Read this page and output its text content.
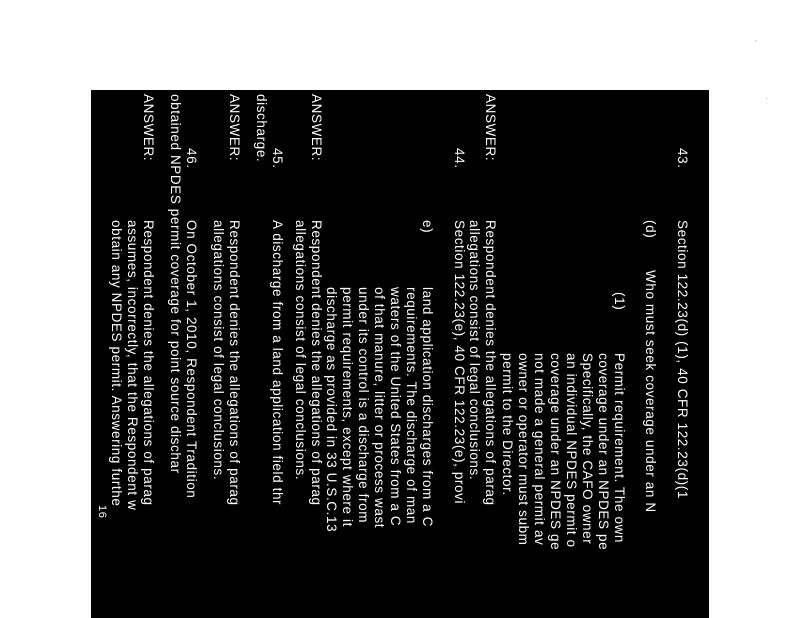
43.
Section 122.23(d) (1), 40 CFR 122.23(d)(1
(d)
Who must seek coverage under an N
(1)
Permit requirement. The own
coverage under an NPDES pe
Specifically, the CAFO owner
an individual NPDES permit o
coverage under an NPDES ge
not made a general permit av
owner or operator must subm
permit to the Director.
ANSWER:
Respondent denies the allegations of parag
allegations consist of legal conclusions.
44.
Section 122.23(e), 40 CFR 122.23(e), provi
e)
land application discharges from a C
requirements. The discharge of man
waters of the United States from a C
of that manure, litter or process wast
under its control is a discharge from
permit requirements, except where it
discharge as provided in 33 U.S.C.13
ANSWER:
Respondent denies the allegations of parag
allegations consist of legal conclusions.
45.
A discharge from a land application field thr
discharge.
ANSWER:
Respondent denies the allegations of parag
allegations consist of legal conclusions.
46.
On October 1, 2010, Respondent Tradition
obtained NPDES permit coverage for point source dischar
ANSWER:
Respondent denies the allegations of parag
assumes, incorrectly, that the Respondent w
obtain any NPDES permit. Answering furthe
16
